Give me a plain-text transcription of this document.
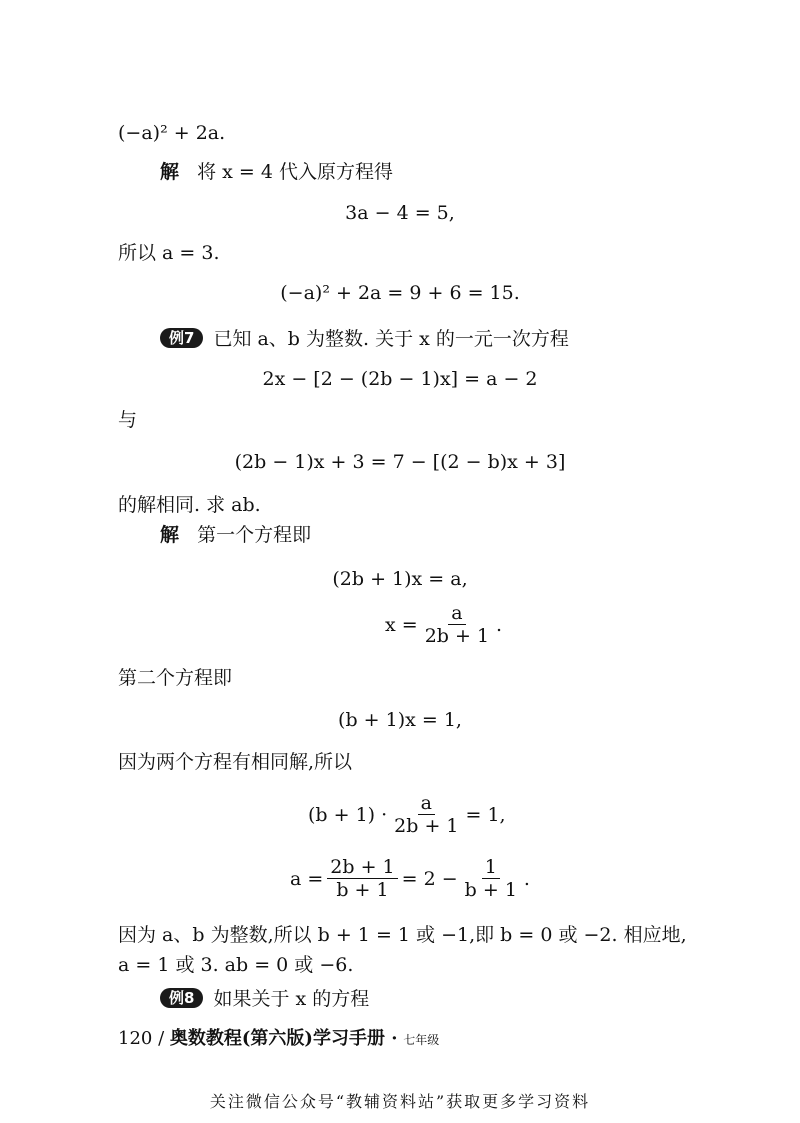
(−a)² + 2a.
解 将 x = 4 代入原方程得
3a − 4 = 5,
所以 a = 3.
(−a)² + 2a = 9 + 6 = 15.
例7 已知 a、b 为整数. 关于 x 的一元一次方程
2x − [2 − (2b − 1)x] = a − 2
与
(2b − 1)x + 3 = 7 − [(2 − b)x + 3]
的解相同. 求 ab.
解 第一个方程即
(2b + 1)x = a,
$x = \frac{a}{2b + 1}$ .
第二个方程即
(b + 1)x = 1,
因为两个方程有相同解,所以
$(b + 1) \cdot \frac{a}{2b + 1} = 1$,
$a = \frac{2b + 1}{b + 1} = 2 - \frac{1}{b + 1}$ .
因为 a、b 为整数,所以 b + 1 = 1 或 −1,即 b = 0 或 −2. 相应地,
a = 1 或 3. ab = 0 或 −6.
例8 如果关于 x 的方程
120 / 奥数教程(第六版)学习手册 · 七年级
关注微信公众号“教辅资料站”获取更多学习资料
